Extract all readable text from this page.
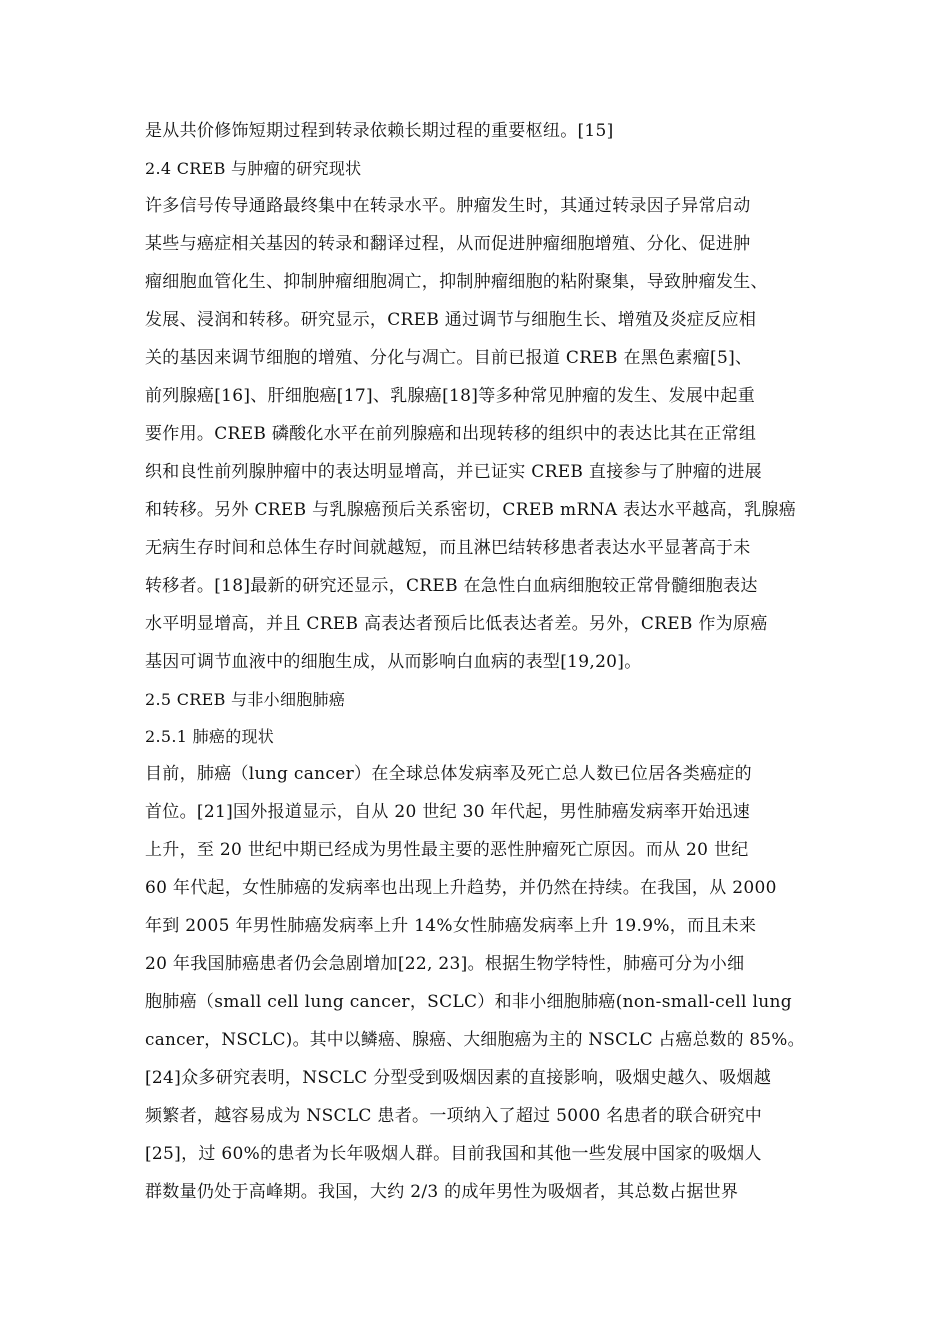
是从共价修饰短期过程到转录依赖长期过程的重要枢纽。[15]
2.4 CREB 与肿瘤的研究现状
许多信号传导通路最终集中在转录水平。肿瘤发生时，其通过转录因子异常启动
某些与癌症相关基因的转录和翻译过程，从而促进肿瘤细胞增殖、分化、促进肿
瘤细胞血管化生、抑制肿瘤细胞凋亡，抑制肿瘤细胞的粘附聚集，导致肿瘤发生、
发展、浸润和转移。研究显示，CREB 通过调节与细胞生长、增殖及炎症反应相
关的基因来调节细胞的增殖、分化与凋亡。目前已报道 CREB 在黑色素瘤[5]、
前列腺癌[16]、肝细胞癌[17]、乳腺癌[18]等多种常见肿瘤的发生、发展中起重
要作用。CREB 磷酸化水平在前列腺癌和出现转移的组织中的表达比其在正常组
织和良性前列腺肿瘤中的表达明显增高，并已证实 CREB 直接参与了肿瘤的进展
和转移。另外 CREB 与乳腺癌预后关系密切，CREB mRNA 表达水平越高，乳腺癌
无病生存时间和总体生存时间就越短，而且淋巴结转移患者表达水平显著高于未
转移者。[18]最新的研究还显示，CREB 在急性白血病细胞较正常骨髓细胞表达
水平明显增高，并且 CREB 高表达者预后比低表达者差。另外，CREB 作为原癌
基因可调节血液中的细胞生成，从而影响白血病的表型[19,20]。
2.5 CREB 与非小细胞肺癌
2.5.1 肺癌的现状
目前，肺癌（lung cancer）在全球总体发病率及死亡总人数已位居各类癌症的
首位。[21]国外报道显示，自从 20 世纪 30 年代起，男性肺癌发病率开始迅速
上升，至 20 世纪中期已经成为男性最主要的恶性肿瘤死亡原因。而从 20 世纪
60 年代起，女性肺癌的发病率也出现上升趋势，并仍然在持续。在我国，从 2000
年到 2005 年男性肺癌发病率上升 14%女性肺癌发病率上升 19.9%，而且未来
20 年我国肺癌患者仍会急剧增加[22, 23]。根据生物学特性，肺癌可分为小细
胞肺癌（small cell lung cancer，SCLC）和非小细胞肺癌(non-small-cell lung
cancer，NSCLC)。其中以鳞癌、腺癌、大细胞癌为主的 NSCLC 占癌总数的 85%。
[24]众多研究表明，NSCLC 分型受到吸烟因素的直接影响，吸烟史越久、吸烟越
频繁者，越容易成为 NSCLC 患者。一项纳入了超过 5000 名患者的联合研究中
[25]，过 60%的患者为长年吸烟人群。目前我国和其他一些发展中国家的吸烟人
群数量仍处于高峰期。我国，大约 2/3 的成年男性为吸烟者，其总数占据世界
